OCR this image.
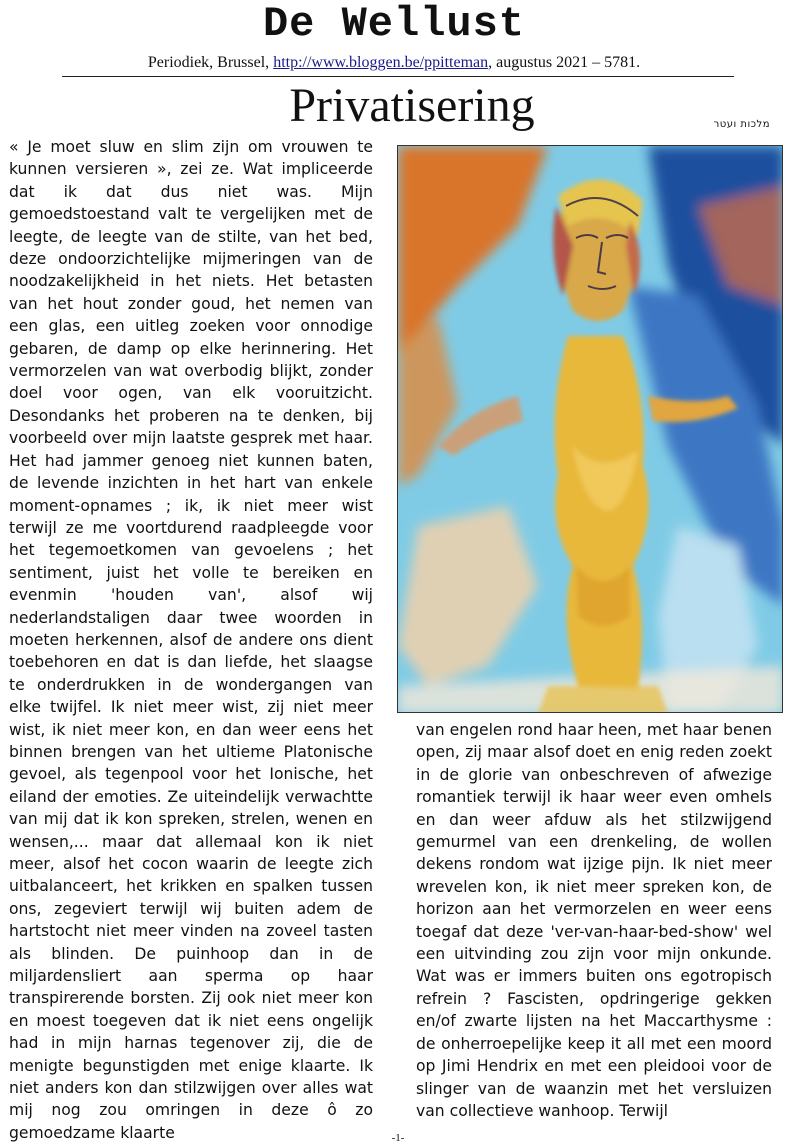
De Wellust
Periodiek, Brussel, http://www.bloggen.be/ppitteman, augustus 2021 – 5781.
Privatisering	מלכות ועטר
« Je moet sluw en slim zijn om vrouwen te kunnen versieren », zei ze. Wat impliceerde dat ik dat dus niet was. Mijn gemoedstoestand valt te vergelijken met de leegte, de leegte van de stilte, van het bed, deze ondoorzichtelijke mijmeringen van de noodzakelijkheid in het niets. Het betasten van het hout zonder goud, het nemen van een glas, een uitleg zoeken voor onnodige gebaren, de damp op elke herinnering. Het vermorzelen van wat overbodig blijkt, zonder doel voor ogen, van elk vooruitzicht. Desondanks het proberen na te denken, bij voorbeeld over mijn laatste gesprek met haar. Het had jammer genoeg niet kunnen baten, de levende inzichten in het hart van enkele moment-opnames ; ik, ik niet meer wist terwijl ze me voortdurend raadpleegde voor het tegemoetkomen van gevoelens ; het sentiment, juist het volle te bereiken en evenmin 'houden van', alsof wij nederlandstaligen daar twee woorden in moeten herkennen, alsof de andere ons dient toebehoren en dat is dan liefde, het slaagse te onderdrukken in de wondergangen van elke twijfel. Ik niet meer wist, zij niet meer wist, ik niet meer kon, en dan weer eens het binnen brengen van het ultieme Platonische gevoel, als tegenpool voor het Ionische, het eiland der emoties. Ze uiteindelijk verwachtte van mij dat ik kon spreken, strelen, wenen en wensen,... maar dat allemaal kon ik niet meer, alsof het cocon waarin de leegte zich uitbalanceert, het krikken en spalken tussen ons, zegeviert terwijl wij buiten adem de hartstocht niet meer vinden na zoveel tasten als blinden. De puinhoop dan in de miljardensliert aan sperma op haar transpirerende borsten. Zij ook niet meer kon en moest toegeven dat ik niet eens ongelijk had in mijn harnas tegenover zij, die de menigte begunstigden met enige klaarte. Ik niet anders kon dan stilzwijgen over alles wat mij nog zou omringen in deze ô zo gemoedzame klaarte
van engelen rond haar heen, met haar benen open, zij maar alsof doet en enig reden zoekt in de glorie van onbeschreven of afwezige romantiek terwijl ik haar weer even omhels en dan weer afduw als het stilzwijgend gemurmel van een drenkeling, de wollen dekens rondom wat ijzige pijn. Ik niet meer wrevelen kon, ik niet meer spreken kon, de horizon aan het vermorzelen en weer eens toegaf dat deze 'ver-van-haar-bed-show' wel een uitvinding zou zijn voor mijn onkunde. Wat was er immers buiten ons egotropisch refrein ? Fascisten, opdringerige gekken en/of zwarte lijsten na het Maccarthysme : de onherroepelijke keep it all met een moord op Jimi Hendrix en met een pleidooi voor de slinger van de waanzin met het versluizen van collectieve wanhoop. Terwijl
-1-
